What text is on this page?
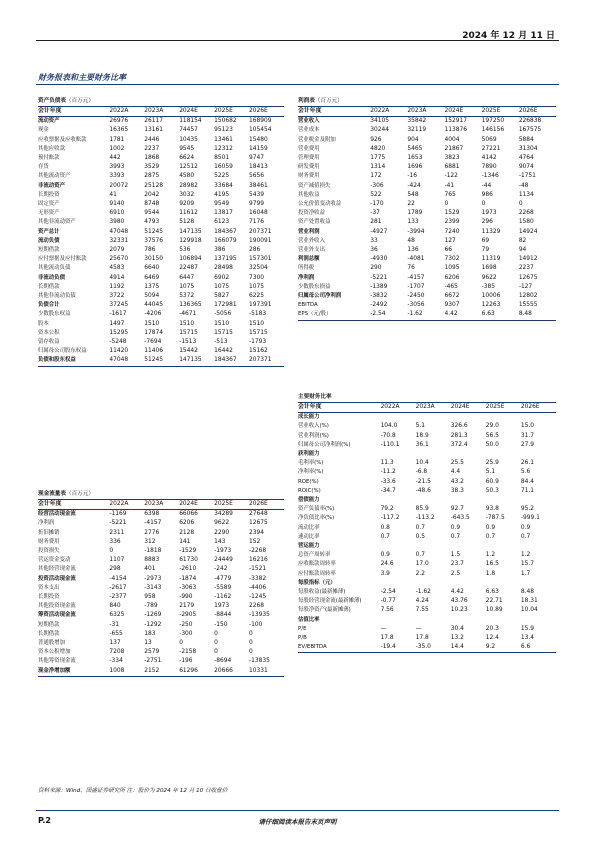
2024 年 12 月 11 日
财务报表和主要财务比率
资产负债表（百万元）
会计年度	2022A	2023A	2024E	2025E	2026E
流动资产	26976	26117	118154	150682	168909
现金	16365	13161	74457	95123	105454
应收票据及应收账款	1781	2446	10435	13461	15480
其他应收款	1002	2237	9545	12312	14159
预付账款	442	1868	6624	8501	9747
存货	3993	3529	12512	16059	18413
其他流动资产	3393	2875	4580	5225	5656
非流动资产	20072	25128	28982	33684	38461
长期投资	41	2042	3032	4195	5439
固定资产	9140	8748	9209	9549	9799
无形资产	6910	9544	11612	13817	16048
其他非流动资产	3980	4793	5128	6123	7176
资产总计	47048	51245	147135	184367	207371
流动负债	32331	37576	129918	166079	190091
短期借款	2079	786	536	386	286
应付票据及应付账款	25670	30150	106894	137195	157301
其他流动负债	4583	6640	22487	28498	32504
非流动负债	4914	6469	6447	6902	7300
长期借款	1192	1375	1075	1075	1075
其他非流动负债	3722	5094	5372	5827	6225
负债合计	37245	44045	136365	172981	197391
少数股东权益	-1617	-4206	-4671	-5056	-5183
股本	1497	1510	1510	1510	1510
资本公积	15295	17874	15715	15715	15715
留存收益	-5248	-7694	-1513	-513	-1793
归属母公司股东权益	11420	11406	15442	16442	15162
负债和股东权益	47048	51245	147135	184367	207371
利润表（百万元）
会计年度	2022A	2023A	2024E	2025E	2026E
营业收入	34105	35842	152917	197250	226838
营业成本	30244	32119	113876	146156	167575
营业税金及附加	926	904	4004	5069	5884
营业费用	4820	5465	21867	27221	31304
管理费用	1775	1653	3823	4142	4764
研发费用	1314	1696	6881	7890	9074
财务费用	172	-16	-122	-1346	-1751
资产减值损失	-306	-424	-41	-44	-48
其他收益	522	548	765	986	1134
公允价值变动收益	-170	22	0	0	0
投资净收益	-37	1789	1529	1973	2268
资产处置收益	281	133	2399	296	1580
营业利润	-4927	-3994	7240	11329	14924
营业外收入	33	48	127	69	82
营业外支出	36	136	66	79	94
利润总额	-4930	-4081	7302	11319	14912
所得税	290	76	1095	1698	2237
净利润	-5221	-4157	6206	9622	12675
少数股东损益	-1389	-1707	-465	-385	-127
归属母公司净利润	-3832	-2450	6672	10006	12802
EBITDA	-2492	-3056	9307	12263	15555
EPS（元/股）	-2.54	-1.62	4.42	6.63	8.48
主要财务比率
会计年度	2022A	2023A	2024E	2025E	2026E
成长能力					
营业收入(%)	104.0	5.1	326.6	29.0	15.0
营业利润(%)	-70.8	18.9	281.3	56.5	31.7
归属母公司净利润(%)	-110.1	36.1	372.4	50.0	27.9
获利能力					
毛利率(%)	11.3	10.4	25.5	25.9	26.1
净利率(%)	-11.2	-6.8	4.4	5.1	5.6
ROE(%)	-33.6	-21.5	43.2	60.9	84.4
ROIC(%)	-34.7	-48.6	38.3	50.3	71.1
偿债能力					
资产负债率(%)	79.2	85.9	92.7	93.8	95.2
净负债比率(%)	-117.2	-113.2	-643.5	-787.5	-999.1
流动比率	0.8	0.7	0.9	0.9	0.9
速动比率	0.7	0.5	0.7	0.7	0.7
营运能力					
总资产周转率	0.9	0.7	1.5	1.2	1.2
应收账款周转率	24.6	17.0	23.7	16.5	15.7
应付账款周转率	3.9	2.2	2.5	1.8	1.7
每股指标（元）					
每股收益(最新摊薄)	-2.54	-1.62	4.42	6.63	8.48
每股经营现金流(最新摊薄)	-0.77	4.24	43.76	22.71	18.31
每股净资产(最新摊薄)	7.56	7.55	10.23	10.89	10.04
估值比率					
P/E	—	—	30.4	20.3	15.9
P/B	17.8	17.8	13.2	12.4	13.4
EV/EBITDA	-19.4	-35.0	14.4	9.2	6.6
现金流量表（百万元）
会计年度	2022A	2023A	2024E	2025E	2026E
经营活动现金流	-1169	6398	66066	34289	27648
净利润	-5221	-4157	6206	9622	12675
折旧摊销	2311	2776	2128	2290	2394
财务费用	336	312	141	143	152
投资损失	0	-1818	-1529	-1973	-2268
营运资金变动	1107	8883	61730	24449	16216
其他经营现金流	298	401	-2610	-242	-1521
投资活动现金流	-4154	-2973	-1874	-4779	-3382
资本支出	-2617	-3143	-3063	-5589	-4406
长期投资	-2377	958	-990	-1162	-1245
其他投资现金流	840	-789	2179	1973	2268
筹资活动现金流	6325	-1269	-2905	-8844	-13935
短期借款	-31	-1292	-250	-150	-100
长期借款	-655	183	-300	0	0
普通股增加	137	13	0	0	0
资本公积增加	7208	2579	-2158	0	0
其他筹资现金流	-334	-2751	-196	-8694	-13835
现金净增加额	1008	2152	61296	20666	10331
资料来源：Wind、国盛证券研究所 注：股价为 2024 年 12 月 10 日收盘价
P.2	请仔细阅读本报告末页声明
